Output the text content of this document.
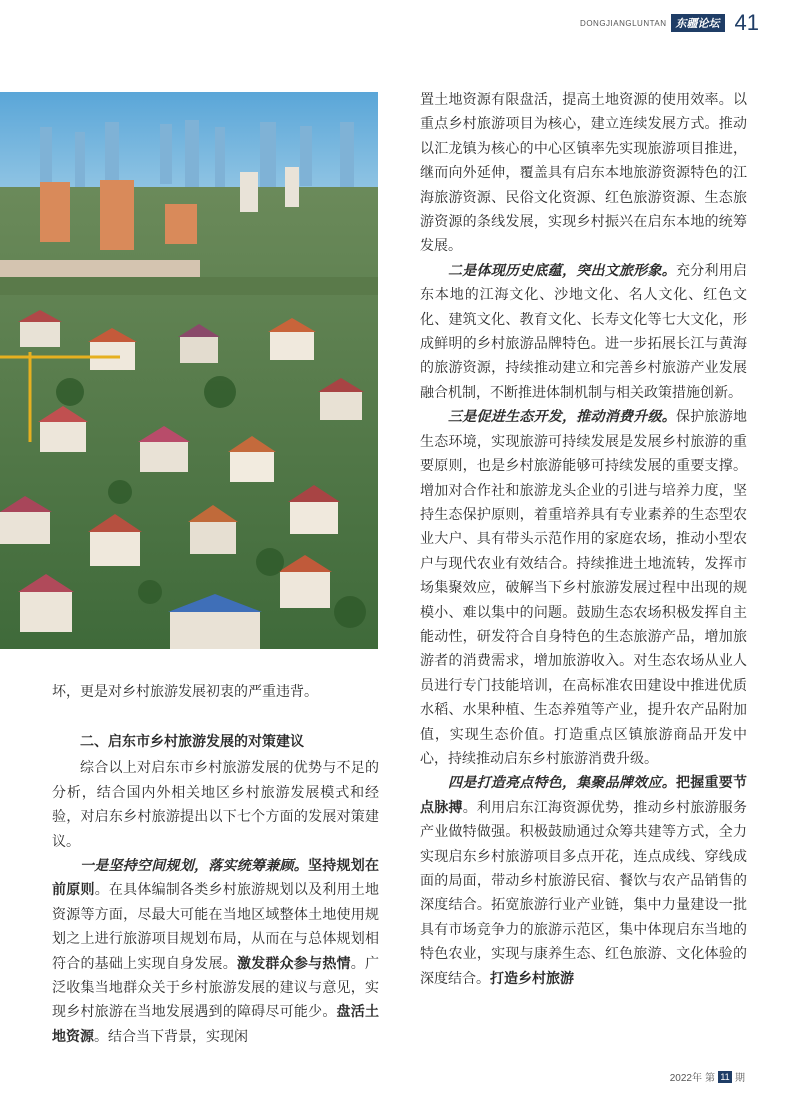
DONGJIANGLUNTAN 东疆论坛 41

坏，更是对乡村旅游发展初衷的严重违背。

二、启东市乡村旅游发展的对策建议

综合以上对启东市乡村旅游发展的优势与不足的分析，结合国内外相关地区乡村旅游发展模式和经验，对启东乡村旅游提出以下七个方面的发展对策建议。

一是坚持空间规划，落实统筹兼顾。坚持规划在前原则。在具体编制各类乡村旅游规划以及利用土地资源等方面，尽最大可能在当地区域整体土地使用规划之上进行旅游项目规划布局，从而在与总体规划相符合的基础上实现自身发展。激发群众参与热情。广泛收集当地群众关于乡村旅游发展的建议与意见，实现乡村旅游在当地发展遇到的障碍尽可能少。盘活土地资源。结合当下背景，实现闲

置土地资源有限盘活，提高土地资源的使用效率。以重点乡村旅游项目为核心，建立连续发展方式。推动以汇龙镇为核心的中心区镇率先实现旅游项目推进，继而向外延伸，覆盖具有启东本地旅游资源特色的江海旅游资源、民俗文化资源、红色旅游资源、生态旅游资源的条线发展，实现乡村振兴在启东本地的统筹发展。

二是体现历史底蕴，突出文旅形象。充分利用启东本地的江海文化、沙地文化、名人文化、红色文化、建筑文化、教育文化、长寿文化等七大文化，形成鲜明的乡村旅游品牌特色。进一步拓展长江与黄海的旅游资源，持续推动建立和完善乡村旅游产业发展融合机制，不断推进体制机制与相关政策措施创新。

三是促进生态开发，推动消费升级。保护旅游地生态环境，实现旅游可持续发展是发展乡村旅游的重要原则，也是乡村旅游能够可持续发展的重要支撑。增加对合作社和旅游龙头企业的引进与培养力度，坚持生态保护原则，着重培养具有专业素养的生态型农业大户、具有带头示范作用的家庭农场，推动小型农户与现代农业有效结合。持续推进土地流转，发挥市场集聚效应，破解当下乡村旅游发展过程中出现的规模小、难以集中的问题。鼓励生态农场积极发挥自主能动性，研发符合自身特色的生态旅游产品，增加旅游者的消费需求，增加旅游收入。对生态农场从业人员进行专门技能培训，在高标准农田建设中推进优质水稻、水果种植、生态养殖等产业，提升农产品附加值，实现生态价值。打造重点区镇旅游商品开发中心，持续推动启东乡村旅游消费升级。

四是打造亮点特色，集聚品牌效应。把握重要节点脉搏。利用启东江海资源优势，推动乡村旅游服务产业做特做强。积极鼓励通过众筹共建等方式，全力实现启东乡村旅游项目多点开花，连点成线、穿线成面的局面，带动乡村旅游民宿、餐饮与农产品销售的深度结合。拓宽旅游行业产业链，集中力量建设一批具有市场竞争力的旅游示范区，集中体现启东当地的特色农业，实现与康养生态、红色旅游、文化体验的深度结合。打造乡村旅游

2022年 第 11 期
